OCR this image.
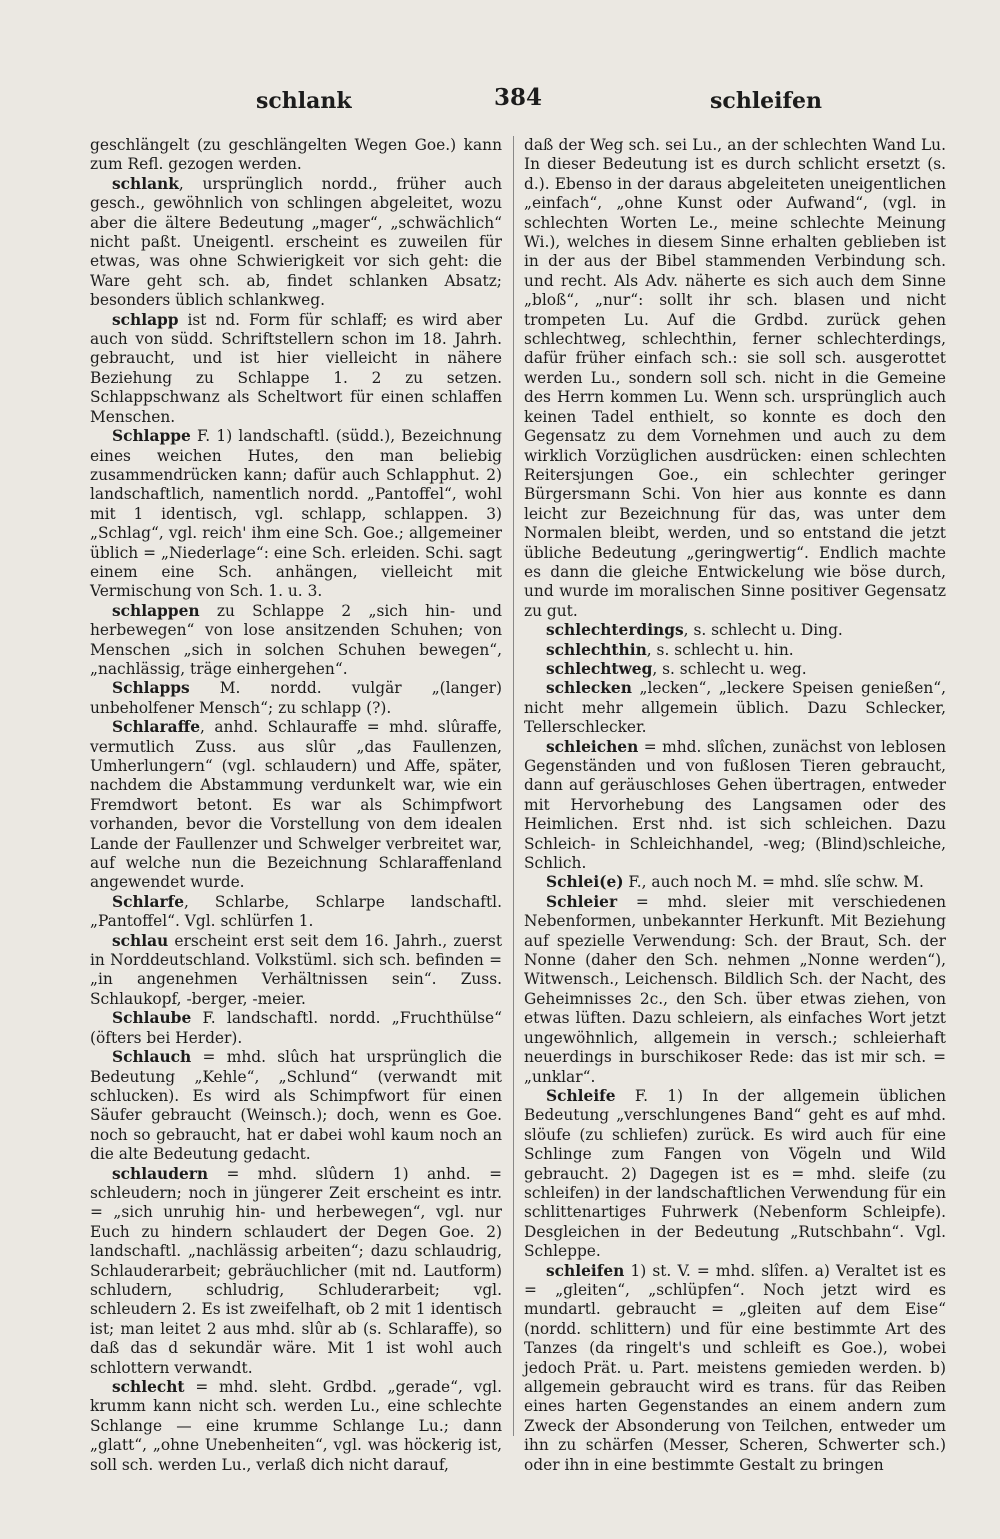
schlank	384	schleifen

geschlängelt (zu geschlängelten Wegen Goe.) kann zum Refl. gezogen werden.

schlank, ursprünglich nordd., früher auch gesch., gewöhnlich von schlingen abgeleitet, wozu aber die ältere Bedeutung „mager“, „schwächlich“ nicht paßt. Uneigentl. erscheint es zuweilen für etwas, was ohne Schwierigkeit vor sich geht: die Ware geht sch. ab, findet schlanken Absatz; besonders üblich schlankweg.

schlapp ist nd. Form für schlaff; es wird aber auch von südd. Schriftstellern schon im 18. Jahrh. gebraucht, und ist hier vielleicht in nähere Beziehung zu Schlappe 1. 2 zu setzen. Schlappschwanz als Scheltwort für einen schlaffen Menschen.

Schlappe F. 1) landschaftl. (südd.), Bezeichnung eines weichen Hutes, den man beliebig zusammendrücken kann; dafür auch Schlapphut. 2) landschaftlich, namentlich nordd. „Pantoffel“, wohl mit 1 identisch, vgl. schlapp, schlappen. 3) „Schlag“, vgl. reich' ihm eine Sch. Goe.; allgemeiner üblich = „Niederlage“: eine Sch. erleiden. Schi. sagt einem eine Sch. anhängen, vielleicht mit Vermischung von Sch. 1. u. 3.

schlappen zu Schlappe 2 „sich hin- und herbewegen“ von lose ansitzenden Schuhen; von Menschen „sich in solchen Schuhen bewegen“, „nachlässig, träge einhergehen“.

Schlapps M. nordd. vulgär „(langer) unbeholfener Mensch“; zu schlapp (?).

Schlaraffe, anhd. Schlauraffe = mhd. slûraffe, vermutlich Zuss. aus slûr „das Faullenzen, Umherlungern“ (vgl. schlaudern) und Affe, später, nachdem die Abstammung verdunkelt war, wie ein Fremdwort betont. Es war als Schimpfwort vorhanden, bevor die Vorstellung von dem idealen Lande der Faullenzer und Schwelger verbreitet war, auf welche nun die Bezeichnung Schlaraffenland angewendet wurde.

Schlarfe, Schlarbe, Schlarpe landschaftl. „Pantoffel“. Vgl. schlürfen 1.

schlau erscheint erst seit dem 16. Jahrh., zuerst in Norddeutschland. Volkstüml. sich sch. befinden = „in angenehmen Verhältnissen sein“. Zuss. Schlaukopf, -berger, -meier.

Schlaube F. landschaftl. nordd. „Fruchthülse“ (öfters bei Herder).

Schlauch = mhd. slûch hat ursprünglich die Bedeutung „Kehle“, „Schlund“ (verwandt mit schlucken). Es wird als Schimpfwort für einen Säufer gebraucht (Weinsch.); doch, wenn es Goe. noch so gebraucht, hat er dabei wohl kaum noch an die alte Bedeutung gedacht.

schlaudern = mhd. slûdern 1) anhd. = schleudern; noch in jüngerer Zeit erscheint es intr. = „sich unruhig hin- und herbewegen“, vgl. nur Euch zu hindern schlaudert der Degen Goe. 2) landschaftl. „nachlässig arbeiten“; dazu schlaudrig, Schlauderarbeit; gebräuchlicher (mit nd. Lautform) schludern, schludrig, Schluderarbeit; vgl. schleudern 2. Es ist zweifelhaft, ob 2 mit 1 identisch ist; man leitet 2 aus mhd. slûr ab (s. Schlaraffe), so daß das d sekundär wäre. Mit 1 ist wohl auch schlottern verwandt.

schlecht = mhd. sleht. Grdbd. „gerade“, vgl. krumm kann nicht sch. werden Lu., eine schlechte Schlange — eine krumme Schlange Lu.; dann „glatt“, „ohne Unebenheiten“, vgl. was höckerig ist, soll sch. werden Lu., verlaß dich nicht darauf,

daß der Weg sch. sei Lu., an der schlechten Wand Lu. In dieser Bedeutung ist es durch schlicht ersetzt (s. d.). Ebenso in der daraus abgeleiteten uneigentlichen „einfach“, „ohne Kunst oder Aufwand“, (vgl. in schlechten Worten Le., meine schlechte Meinung Wi.), welches in diesem Sinne erhalten geblieben ist in der aus der Bibel stammenden Verbindung sch. und recht. Als Adv. näherte es sich auch dem Sinne „bloß“, „nur“: sollt ihr sch. blasen und nicht trompeten Lu. Auf die Grdbd. zurück gehen schlechtweg, schlechthin, ferner schlechterdings, dafür früher einfach sch.: sie soll sch. ausgerottet werden Lu., sondern soll sch. nicht in die Gemeine des Herrn kommen Lu. Wenn sch. ursprünglich auch keinen Tadel enthielt, so konnte es doch den Gegensatz zu dem Vornehmen und auch zu dem wirklich Vorzüglichen ausdrücken: einen schlechten Reitersjungen Goe., ein schlechter geringer Bürgersmann Schi. Von hier aus konnte es dann leicht zur Bezeichnung für das, was unter dem Normalen bleibt, werden, und so entstand die jetzt übliche Bedeutung „geringwertig“. Endlich machte es dann die gleiche Entwickelung wie böse durch, und wurde im moralischen Sinne positiver Gegensatz zu gut.

schlechterdings, s. schlecht u. Ding.

schlechthin, s. schlecht u. hin.

schlechtweg, s. schlecht u. weg.

schlecken „lecken“, „leckere Speisen genießen“, nicht mehr allgemein üblich. Dazu Schlecker, Tellerschlecker.

schleichen = mhd. slîchen, zunächst von leblosen Gegenständen und von fußlosen Tieren gebraucht, dann auf geräuschloses Gehen übertragen, entweder mit Hervorhebung des Langsamen oder des Heimlichen. Erst nhd. ist sich schleichen. Dazu Schleich- in Schleichhandel, -weg; (Blind)schleiche, Schlich.

Schlei(e) F., auch noch M. = mhd. slîe schw. M.

Schleier = mhd. sleier mit verschiedenen Nebenformen, unbekannter Herkunft. Mit Beziehung auf spezielle Verwendung: Sch. der Braut, Sch. der Nonne (daher den Sch. nehmen „Nonne werden“), Witwensch., Leichensch. Bildlich Sch. der Nacht, des Geheimnisses 2c., den Sch. über etwas ziehen, von etwas lüften. Dazu schleiern, als einfaches Wort jetzt ungewöhnlich, allgemein in versch.; schleierhaft neuerdings in burschikoser Rede: das ist mir sch. = „unklar“.

Schleife F. 1) In der allgemein üblichen Bedeutung „verschlungenes Band“ geht es auf mhd. slöufe (zu schliefen) zurück. Es wird auch für eine Schlinge zum Fangen von Vögeln und Wild gebraucht. 2) Dagegen ist es = mhd. sleife (zu schleifen) in der landschaftlichen Verwendung für ein schlittenartiges Fuhrwerk (Nebenform Schleipfe). Desgleichen in der Bedeutung „Rutschbahn“. Vgl. Schleppe.

schleifen 1) st. V. = mhd. slîfen. a) Veraltet ist es = „gleiten“, „schlüpfen“. Noch jetzt wird es mundartl. gebraucht = „gleiten auf dem Eise“ (nordd. schlittern) und für eine bestimmte Art des Tanzes (da ringelt's und schleift es Goe.), wobei jedoch Prät. u. Part. meistens gemieden werden. b) allgemein gebraucht wird es trans. für das Reiben eines harten Gegenstandes an einem andern zum Zweck der Absonderung von Teilchen, entweder um ihn zu schärfen (Messer, Scheren, Schwerter sch.) oder ihn in eine bestimmte Gestalt zu bringen
